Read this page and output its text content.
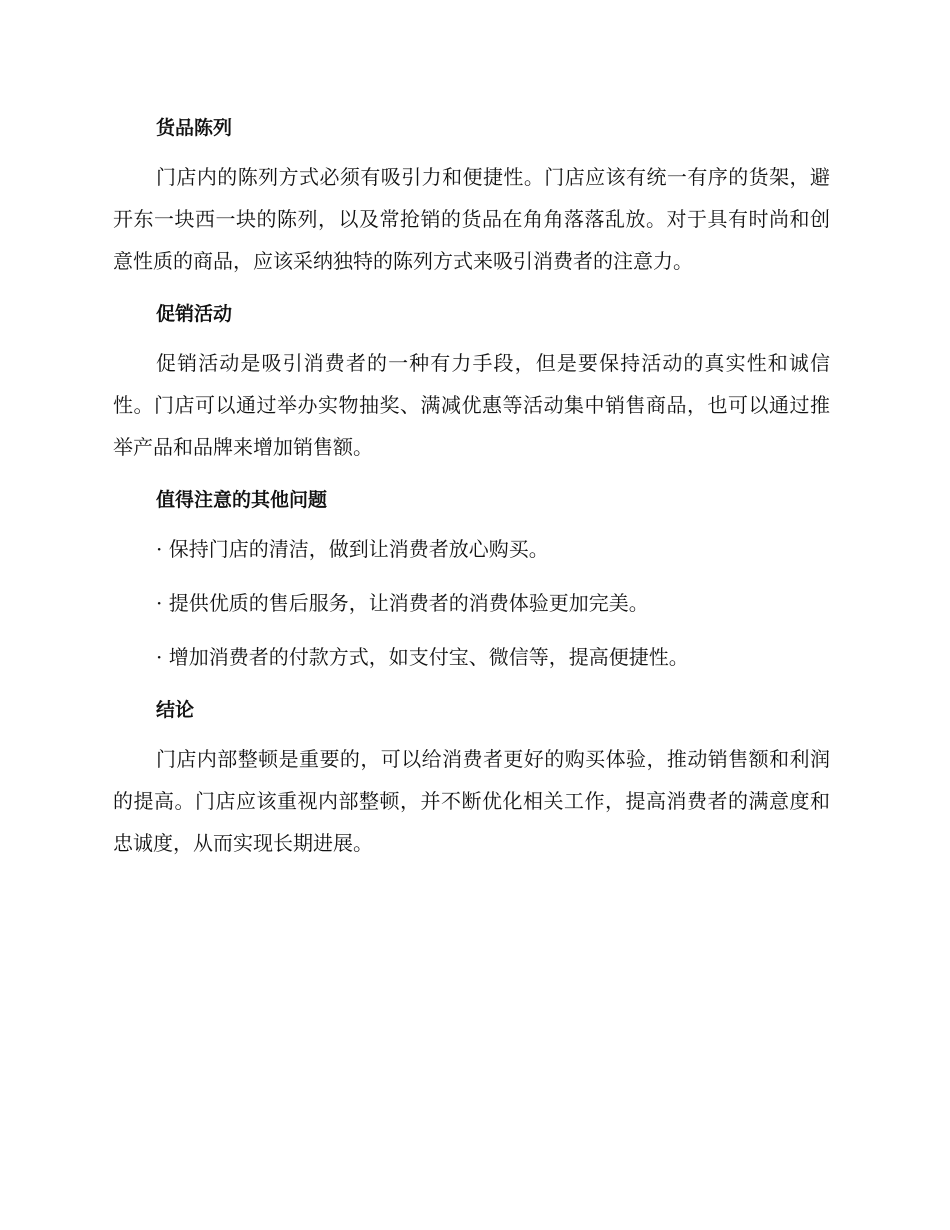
货品陈列

门店内的陈列方式必须有吸引力和便捷性。门店应该有统一有序的货架，避开东一块西一块的陈列，以及常抢销的货品在角角落落乱放。对于具有时尚和创意性质的商品，应该采纳独特的陈列方式来吸引消费者的注意力。

促销活动

促销活动是吸引消费者的一种有力手段，但是要保持活动的真实性和诚信性。门店可以通过举办实物抽奖、满减优惠等活动集中销售商品，也可以通过推举产品和品牌来增加销售额。

值得注意的其他问题

· 保持门店的清洁，做到让消费者放心购买。

· 提供优质的售后服务，让消费者的消费体验更加完美。

· 增加消费者的付款方式，如支付宝、微信等，提高便捷性。

结论

门店内部整顿是重要的，可以给消费者更好的购买体验，推动销售额和利润的提高。门店应该重视内部整顿，并不断优化相关工作，提高消费者的满意度和忠诚度，从而实现长期进展。
